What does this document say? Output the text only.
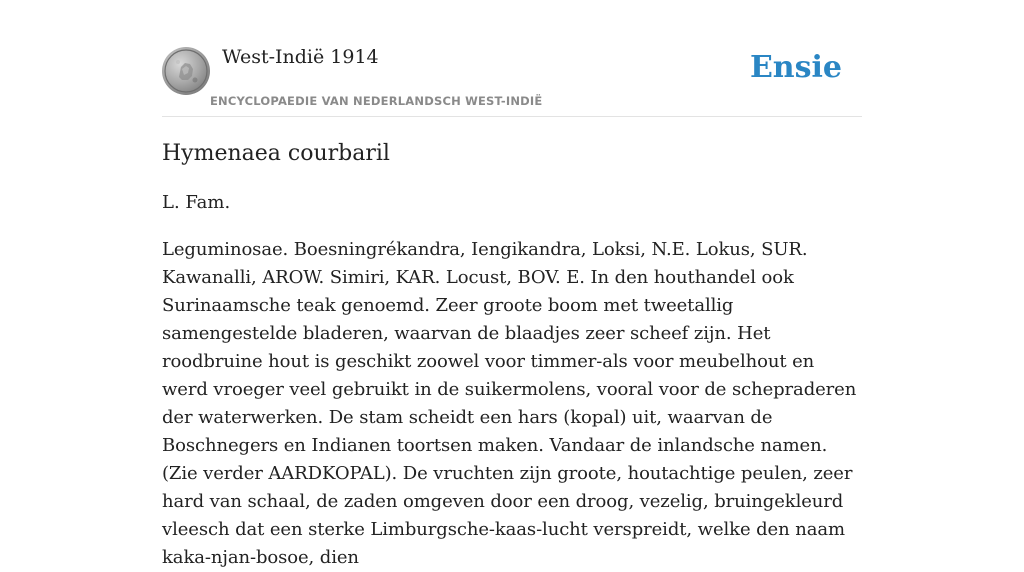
West-Indië 1914
ENCYCLOPAEDIE VAN NEDERLANDSCH WEST-INDIË
Ensie
Hymenaea courbaril

L. Fam.

Leguminosae. Boesningrékandra, Iengikandra, Loksi, N.E. Lokus, SUR. Kawanalli, AROW. Simiri, KAR. Locust, BOV. E. In den houthandel ook Surinaamsche teak genoemd. Zeer groote boom met tweetallig samengestelde bladeren, waarvan de blaadjes zeer scheef zijn. Het roodbruine hout is geschikt zoowel voor timmer-als voor meubelhout en werd vroeger veel gebruikt in de suikermolens, vooral voor de schepraderen der waterwerken. De stam scheidt een hars (kopal) uit, waarvan de Boschnegers en Indianen toortsen maken. Vandaar de inlandsche namen. (Zie verder AARDKOPAL). De vruchten zijn groote, houtachtige peulen, zeer hard van schaal, de zaden omgeven door een droog, vezelig, bruingekleurd vleesch dat een sterke Limburgsche-kaas-lucht verspreidt, welke den naam kaka-njan-bosoe, dien
